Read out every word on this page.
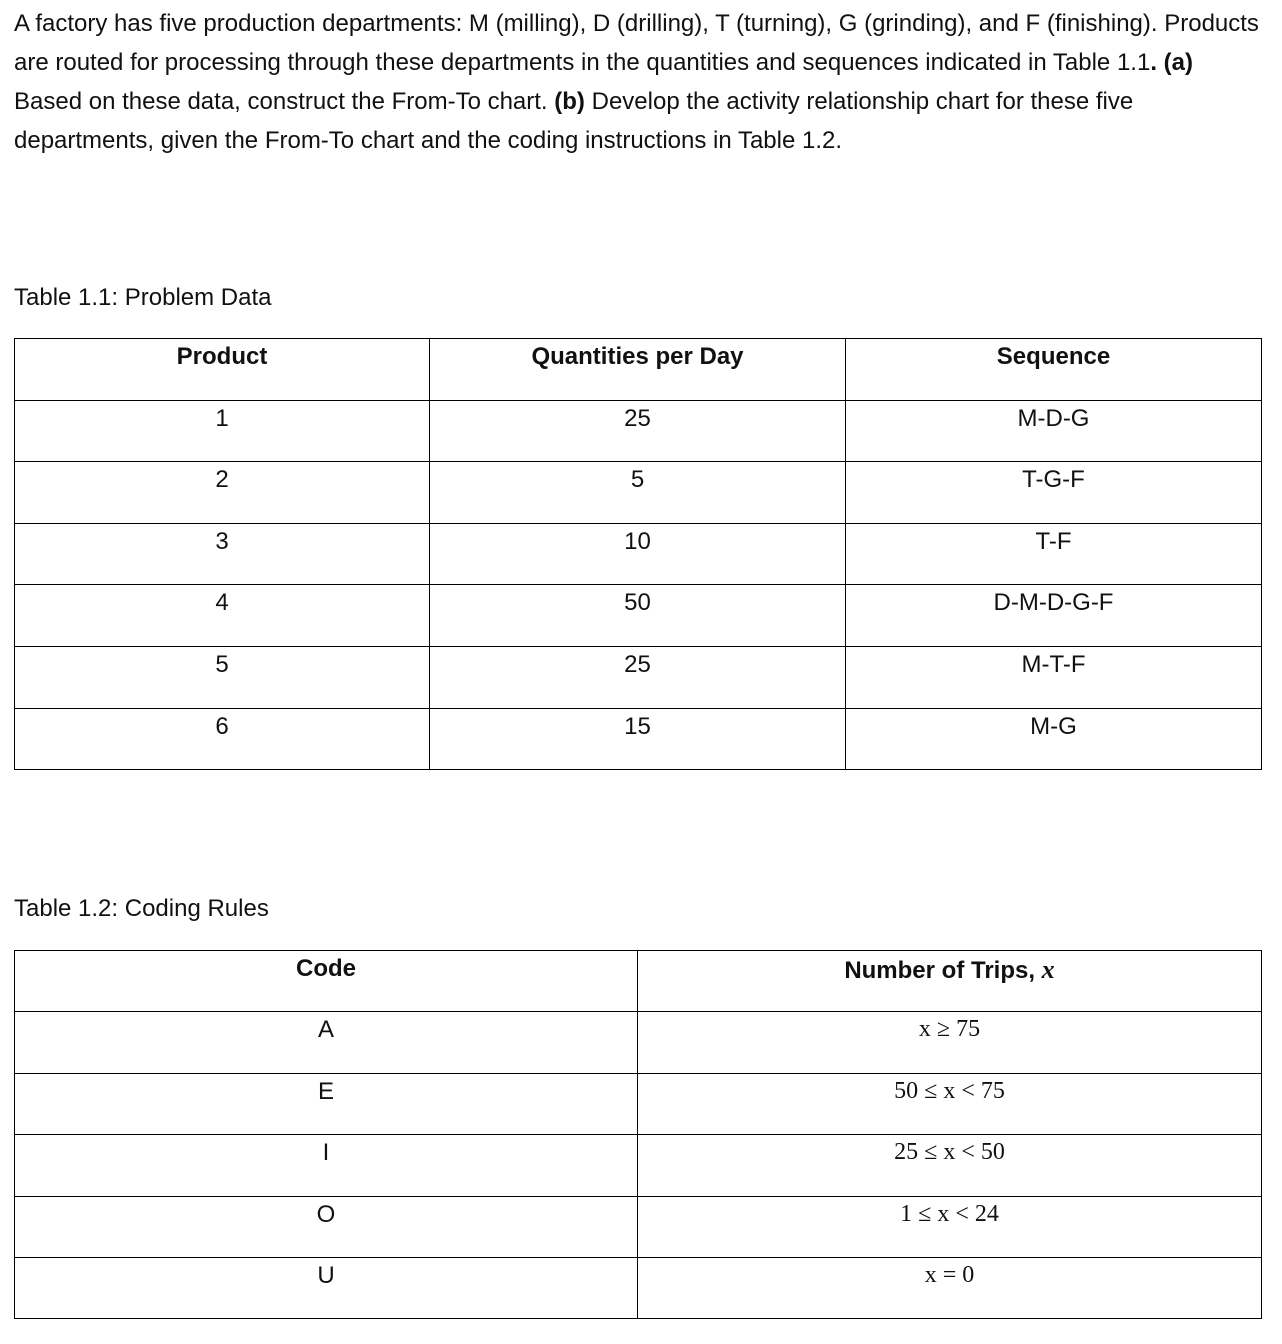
A factory has five production departments: M (milling), D (drilling), T (turning), G (grinding), and F (finishing). Products are routed for processing through these departments in the quantities and sequences indicated in Table 1.1. (a) Based on these data, construct the From-To chart. (b) Develop the activity relationship chart for these five departments, given the From-To chart and the coding instructions in Table 1.2.

Table 1.1: Problem Data

Product	Quantities per Day	Sequence
1	25	M-D-G
2	5	T-G-F
3	10	T-F
4	50	D-M-D-G-F
5	25	M-T-F
6	15	M-G

Table 1.2: Coding Rules

Code	Number of Trips, x
A	x ≥ 75
E	50 ≤ x < 75
I	25 ≤ x < 50
O	1 ≤ x < 24
U	x = 0
